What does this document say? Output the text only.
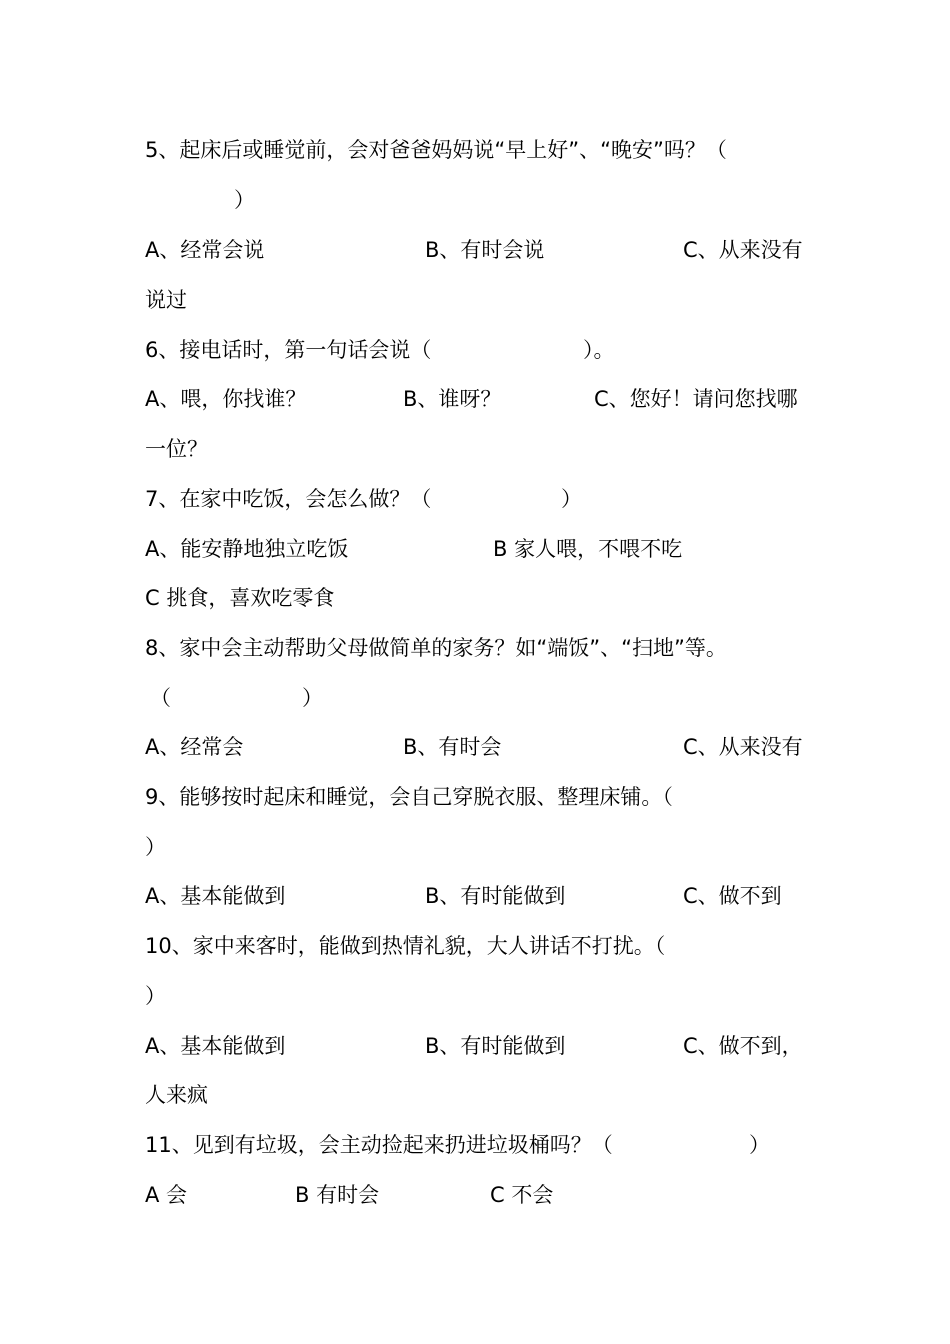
5、起床后或睡觉前，会对爸爸妈妈说“早上好”、“晚安”吗？（
）
A、经常会说	B、有时会说	C、从来没有
说过
6、接电话时，第一句话会说（	）。
A、喂，你找谁？	B、谁呀？	C、您好！请问您找哪
一位？
7、在家中吃饭，会怎么做？（	）
A、能安静地独立吃饭	B 家人喂，不喂不吃
C 挑食，喜欢吃零食
8、家中会主动帮助父母做简单的家务？如“端饭”、“扫地”等。
（	）
A、经常会	B、有时会	C、从来没有
9、能够按时起床和睡觉，会自己穿脱衣服、整理床铺。（
）
A、基本能做到	B、有时能做到	C、做不到
10、家中来客时，能做到热情礼貌，大人讲话不打扰。（
）
A、基本能做到	B、有时能做到	C、做不到，
人来疯
11、见到有垃圾，会主动捡起来扔进垃圾桶吗？（	）
A 会	B 有时会	C 不会
